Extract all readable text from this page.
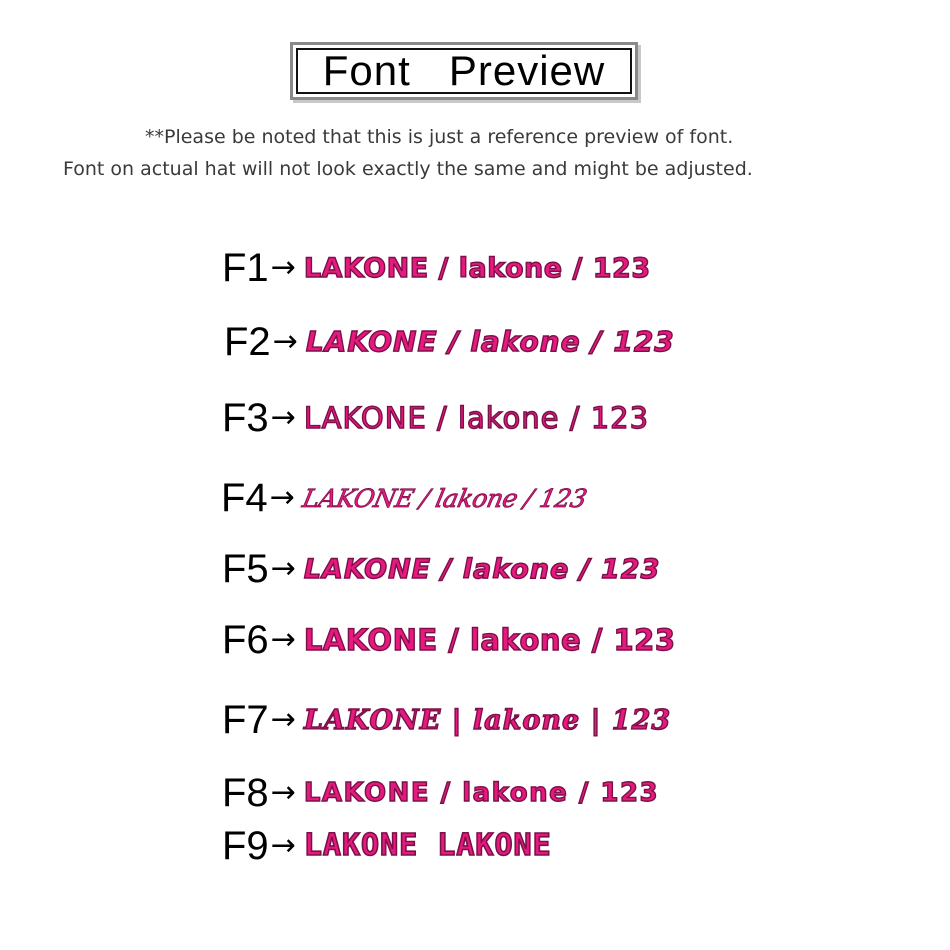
Font   Preview
**Please be noted that this is just a reference preview of font.
Font on actual hat will not look exactly the same and might be adjusted.
F1 → LAKONE / lakone / 123
F2 → LAKONE / lakone / 123
F3 → LAKONE / lakone / 123
F4 → LAKONE / lakone / 123
F5 → LAKONE / lakone / 123
F6 → LAKONE / lakone / 123
F7 → LAKONE | lakone | 123
F8 → LAKONE / lakone / 123
F9 → LAKONE LAKONE
